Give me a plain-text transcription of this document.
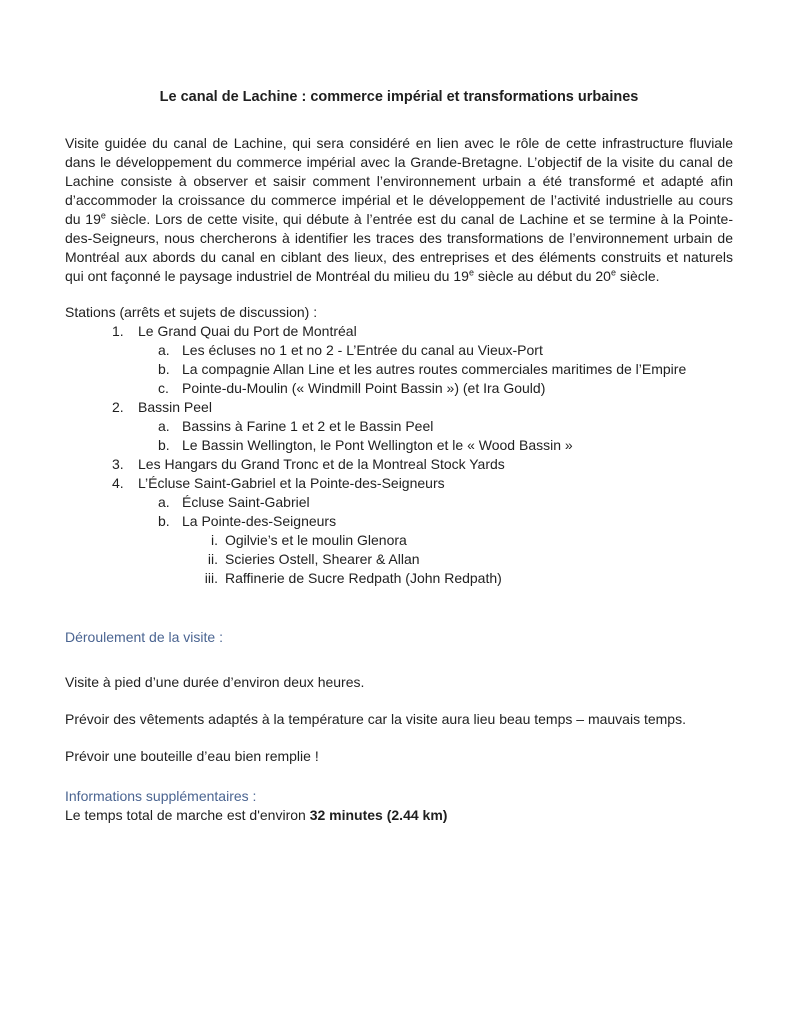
Le canal de Lachine : commerce impérial et transformations urbaines

Visite guidée du canal de Lachine, qui sera considéré en lien avec le rôle de cette infrastructure fluviale dans le développement du commerce impérial avec la Grande-Bretagne. L’objectif de la visite du canal de Lachine consiste à observer et saisir comment l’environnement urbain a été transformé et adapté afin d’accommoder la croissance du commerce impérial et le développement de l’activité industrielle au cours du 19e siècle. Lors de cette visite, qui débute à l’entrée est du canal de Lachine et se termine à la Pointe-des-Seigneurs, nous chercherons à identifier les traces des transformations de l’environnement urbain de Montréal aux abords du canal en ciblant des lieux, des entreprises et des éléments construits et naturels qui ont façonné le paysage industriel de Montréal du milieu du 19e siècle au début du 20e siècle.

Stations (arrêts et sujets de discussion) :

1.	Le Grand Quai du Port de Montréal
a. Les écluses no 1 et no 2 - L’Entrée du canal au Vieux-Port
b. La compagnie Allan Line et les autres routes commerciales maritimes de l’Empire
c. Pointe-du-Moulin (« Windmill Point Bassin ») (et Ira Gould)
2.	Bassin Peel
a. Bassins à Farine 1 et 2 et le Bassin Peel
b. Le Bassin Wellington, le Pont Wellington et le « Wood Bassin »
3.	Les Hangars du Grand Tronc et de la Montreal Stock Yards
4.	L’Écluse Saint-Gabriel et la Pointe-des-Seigneurs
a. Écluse Saint-Gabriel
b. La Pointe-des-Seigneurs
i. Ogilvie’s et le moulin Glenora
ii. Scieries Ostell, Shearer & Allan
iii. Raffinerie de Sucre Redpath (John Redpath)
Déroulement de la visite :

Visite à pied d’une durée d’environ deux heures.

Prévoir des vêtements adaptés à la température car la visite aura lieu beau temps – mauvais temps.

Prévoir une bouteille d’eau bien remplie !

Informations supplémentaires :

Le temps total de marche est d'environ 32 minutes (2.44 km)
